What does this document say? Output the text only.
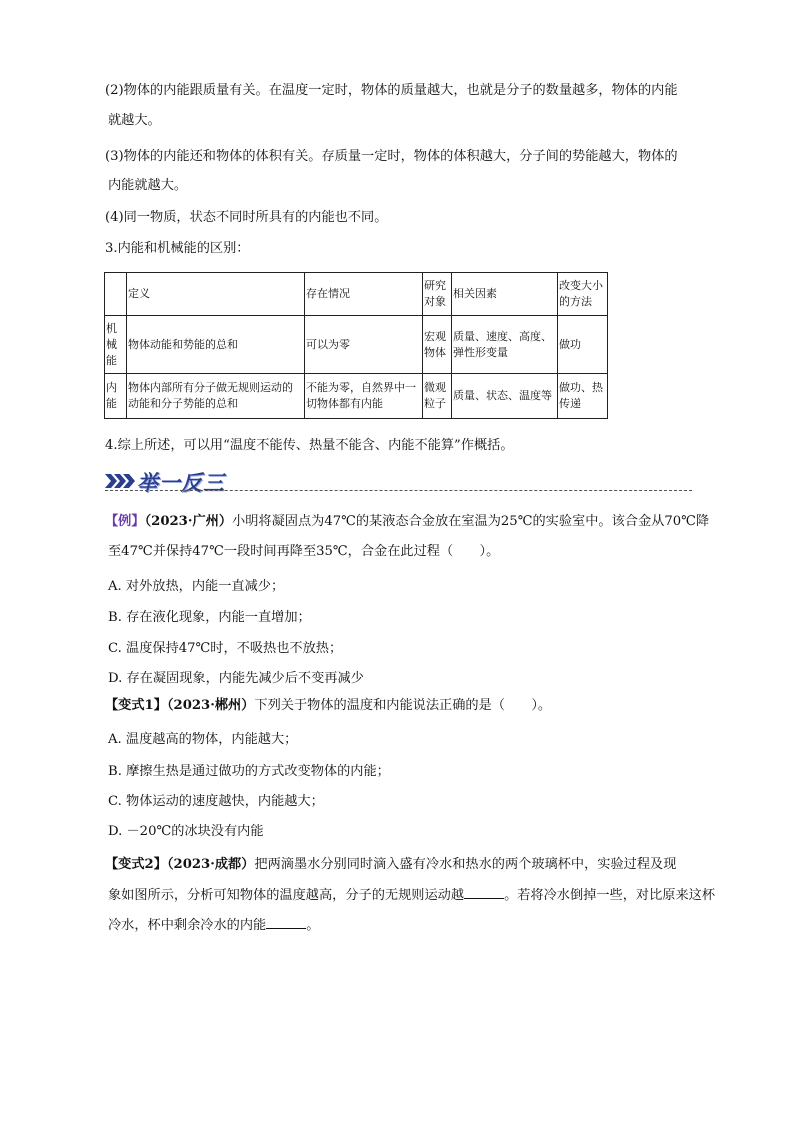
(2)物体的内能跟质量有关。在温度一定时，物体的质量越大，也就是分子的数量越多，物体的内能
就越大。
(3)物体的内能还和物体的体积有关。存质量一定时，物体的体积越大，分子间的势能越大，物体的
内能就越大。
(4)同一物质，状态不同时所具有的内能也不同。
3.内能和机械能的区别：
	定义	存在情况	研究对象	相关因素	改变大小的方法
机械能	物体动能和势能的总和	可以为零	宏观物体	质量、速度、高度、弹性形变量	做功
内能	物体内部所有分子做无规则运动的动能和分子势能的总和	不能为零，自然界中一切物体都有内能	微观粒子	质量、状态、温度等	做功、热传递
4.综上所述，可以用“温度不能传、热量不能含、内能不能算”作概括。
举一反三
【例】（2023·广州）小明将凝固点为47℃的某液态合金放在室温为25℃的实验室中。该合金从70℃降
至47℃并保持47℃一段时间再降至35℃，合金在此过程（　　）。
A. 对外放热，内能一直减少；
B. 存在液化现象，内能一直增加；
C. 温度保持47℃时，不吸热也不放热；
D. 存在凝固现象，内能先减少后不变再减少
【变式1】（2023·郴州）下列关于物体的温度和内能说法正确的是（　　）。
A. 温度越高的物体，内能越大；
B. 摩擦生热是通过做功的方式改变物体的内能；
C. 物体运动的速度越快，内能越大；
D. －20℃的冰块没有内能
【变式2】（2023·成都）把两滴墨水分别同时滴入盛有冷水和热水的两个玻璃杯中，实验过程及现
象如图所示，分析可知物体的温度越高，分子的无规则运动越	。若将冷水倒掉一些，对比原来这杯
冷水，杯中剩余冷水的内能	。
